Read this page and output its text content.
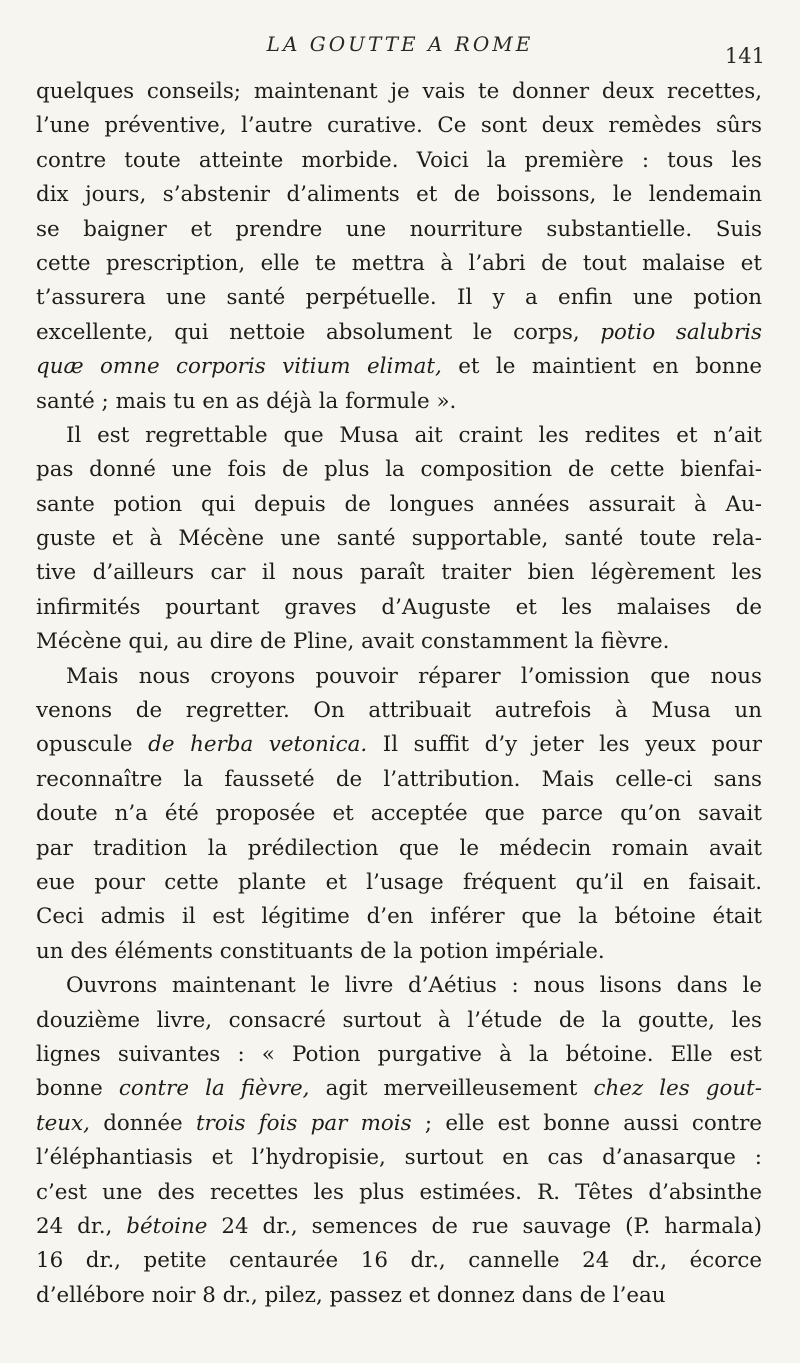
LA GOUTTE A ROME	141
quelques conseils; maintenant je vais te donner deux recettes,
l’une préventive, l’autre curative. Ce sont deux remèdes sûrs
contre toute atteinte morbide. Voici la première : tous les
dix jours, s’abstenir d’aliments et de boissons, le lendemain
se baigner et prendre une nourriture substantielle. Suis
cette prescription, elle te mettra à l’abri de tout malaise et
t’assurera une santé perpétuelle. Il y a enfin une potion
excellente, qui nettoie absolument le corps, potio salubris
quæ omne corporis vitium elimat, et le maintient en bonne
santé ; mais tu en as déjà la formule ».
Il est regrettable que Musa ait craint les redites et n’ait
pas donné une fois de plus la composition de cette bienfai-
sante potion qui depuis de longues années assurait à Au-
guste et à Mécène une santé supportable, santé toute rela-
tive d’ailleurs car il nous paraît traiter bien légèrement les
infirmités pourtant graves d’Auguste et les malaises de
Mécène qui, au dire de Pline, avait constamment la fièvre.
Mais nous croyons pouvoir réparer l’omission que nous
venons de regretter. On attribuait autrefois à Musa un
opuscule de herba vetonica. Il suffit d’y jeter les yeux pour
reconnaître la fausseté de l’attribution. Mais celle-ci sans
doute n’a été proposée et acceptée que parce qu’on savait
par tradition la prédilection que le médecin romain avait
eue pour cette plante et l’usage fréquent qu’il en faisait.
Ceci admis il est légitime d’en inférer que la bétoine était
un des éléments constituants de la potion impériale.
Ouvrons maintenant le livre d’Aétius : nous lisons dans le
douzième livre, consacré surtout à l’étude de la goutte, les
lignes suivantes : « Potion purgative à la bétoine. Elle est
bonne contre la fièvre, agit merveilleusement chez les gout-
teux, donnée trois fois par mois ; elle est bonne aussi contre
l’éléphantiasis et l’hydropisie, surtout en cas d’anasarque :
c’est une des recettes les plus estimées. R. Têtes d’absinthe
24 dr., bétoine 24 dr., semences de rue sauvage (P. harmala)
16 dr., petite centaurée 16 dr., cannelle 24 dr., écorce
d’ellébore noir 8 dr., pilez, passez et donnez dans de l’eau
